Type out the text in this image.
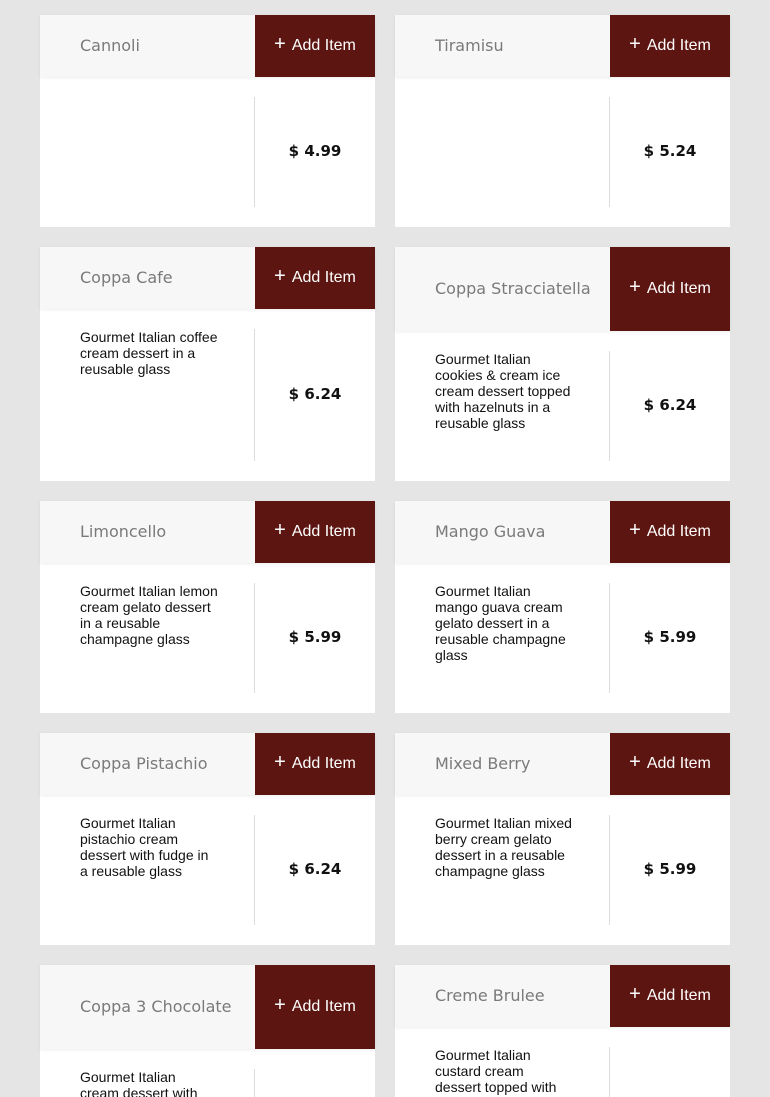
Cannoli	+ Add Item
$ 4.99
Tiramisu	+ Add Item
$ 5.24
Coppa Cafe	+ Add Item
Gourmet Italian coffee cream dessert in a reusable glass
$ 6.24
Coppa Stracciatella	+ Add Item
Gourmet Italian cookies & cream ice cream dessert topped with hazelnuts in a reusable glass
$ 6.24
Limoncello	+ Add Item
Gourmet Italian lemon cream gelato dessert in a reusable champagne glass	$ 5.99
Mango Guava	+ Add Item
Gourmet Italian mango guava cream gelato dessert in a reusable champagne glass
$ 5.99
Coppa Pistachio	+ Add Item
Gourmet Italian pistachio cream dessert with fudge in a reusable glass	$ 6.24
Mixed Berry	+ Add Item
Gourmet Italian mixed berry cream gelato dessert in a reusable champagne glass	$ 5.99
Coppa 3 Chocolate	+ Add Item
Gourmet Italian cream dessert with
Creme Brulee	+ Add Item
Gourmet Italian custard cream dessert topped with
